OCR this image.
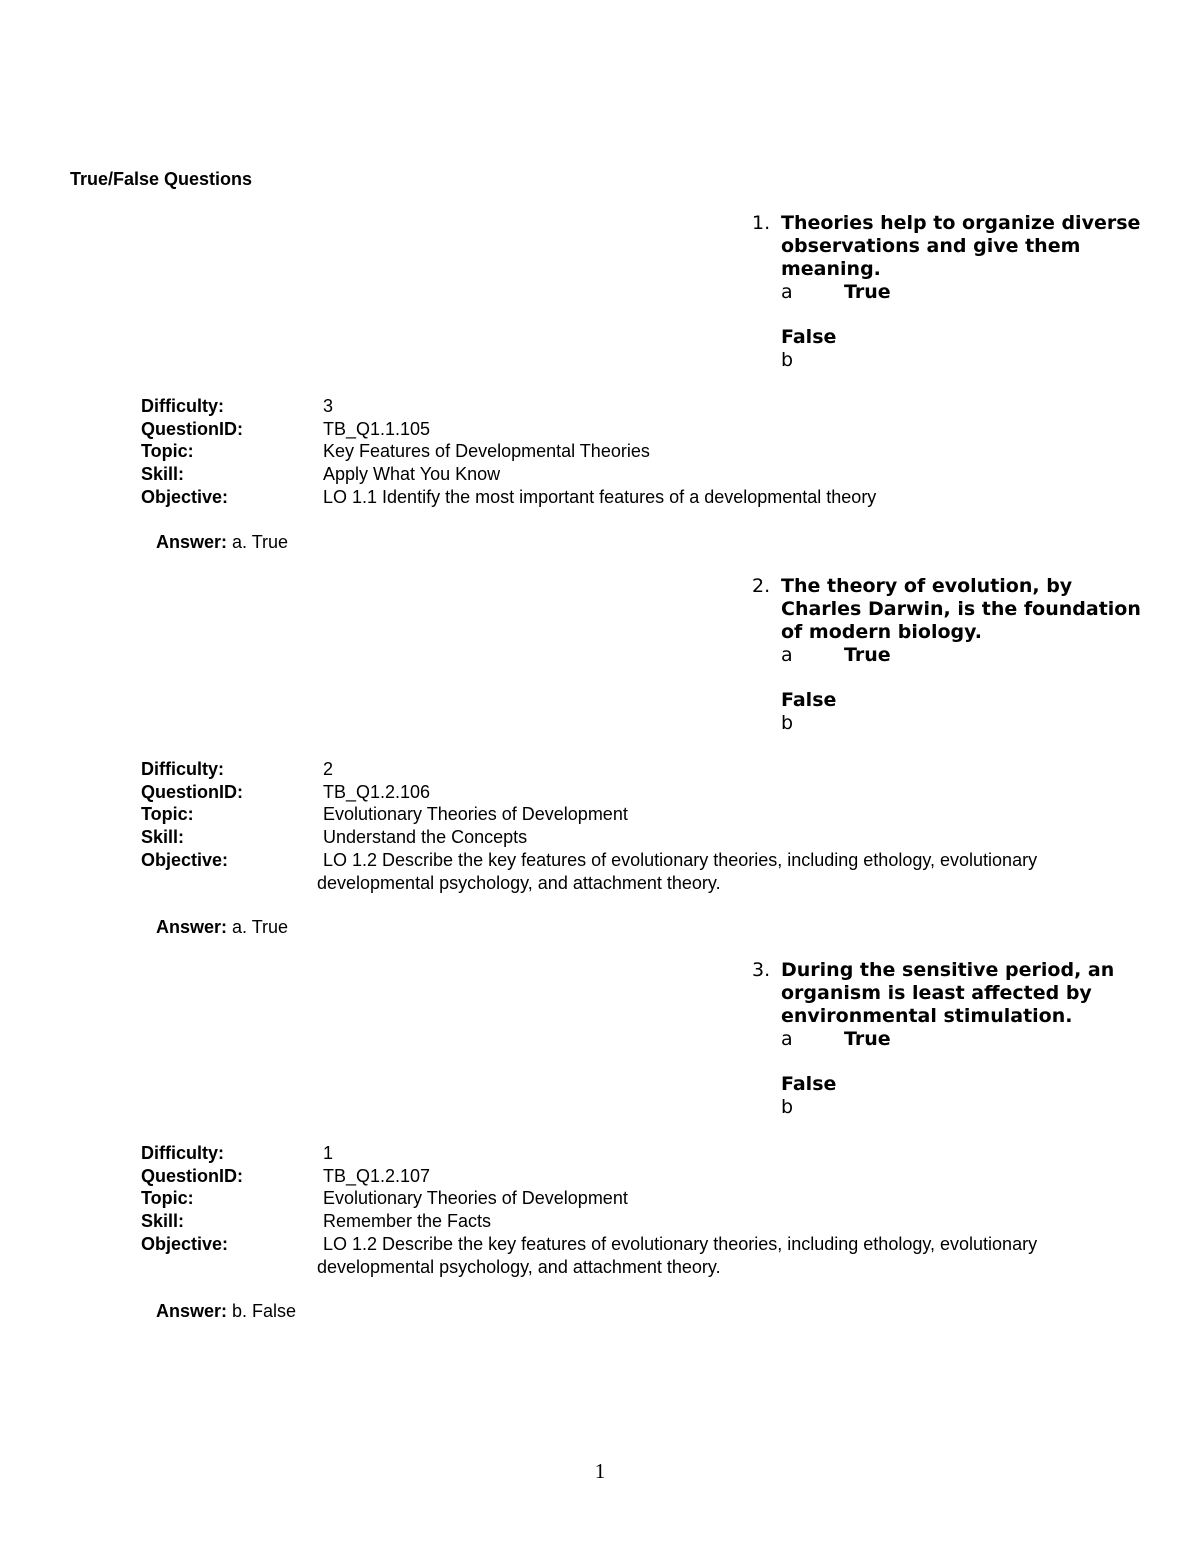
True/False Questions
1. Theories help to organize diverse observations and give them meaning.
a	True
False
b
Difficulty:	3
QuestionID:	TB_Q1.1.105
Topic:	Key Features of Developmental Theories
Skill:	Apply What You Know
Objective:	LO 1.1 Identify the most important features of a developmental theory
Answer: a. True
2. The theory of evolution, by Charles Darwin, is the foundation of modern biology.
a	True
False
b
Difficulty:	2
QuestionID:	TB_Q1.2.106
Topic:	Evolutionary Theories of Development
Skill:	Understand the Concepts
Objective:	LO 1.2 Describe the key features of evolutionary theories, including ethology, evolutionary developmental psychology, and attachment theory.
Answer: a. True
3. During the sensitive period, an organism is least affected by environmental stimulation.
a	True
False
b
Difficulty:	1
QuestionID:	TB_Q1.2.107
Topic:	Evolutionary Theories of Development
Skill:	Remember the Facts
Objective:	LO 1.2 Describe the key features of evolutionary theories, including ethology, evolutionary developmental psychology, and attachment theory.
Answer: b. False
1
